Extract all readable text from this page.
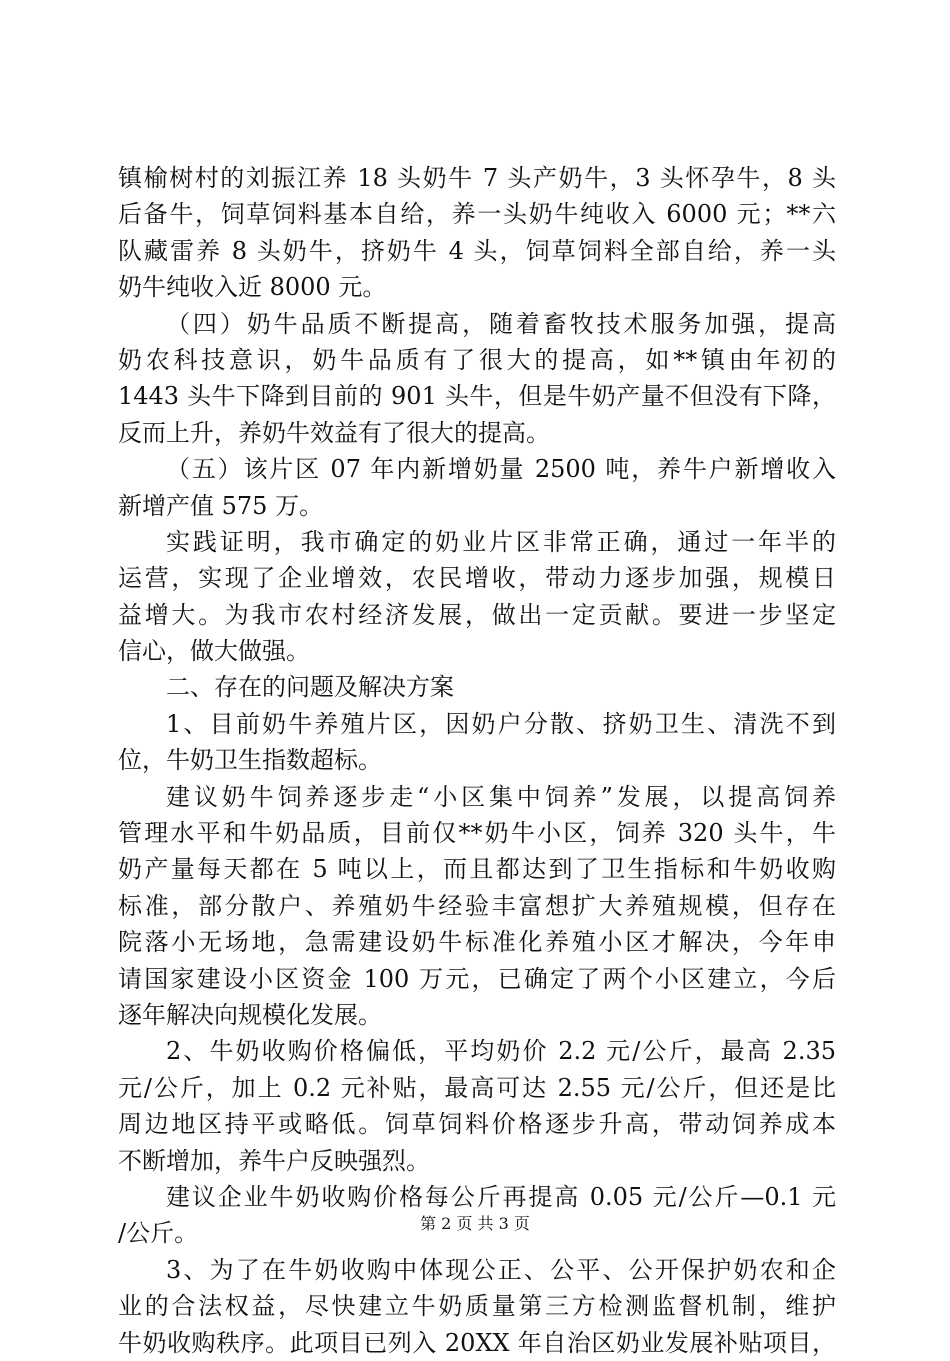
镇榆树村的刘振江养 18 头奶牛 7 头产奶牛，3 头怀孕牛，8 头
后备牛，饲草饲料基本自给，养一头奶牛纯收入 6000 元；**六
队藏雷养 8 头奶牛，挤奶牛 4 头，饲草饲料全部自给，养一头
奶牛纯收入近 8000 元。
（四）奶牛品质不断提高，随着畜牧技术服务加强，提高
奶农科技意识，奶牛品质有了很大的提高，如**镇由年初的
1443 头牛下降到目前的 901 头牛，但是牛奶产量不但没有下降，
反而上升，养奶牛效益有了很大的提高。
（五）该片区 07 年内新增奶量 2500 吨，养牛户新增收入
新增产值 575 万。
实践证明，我市确定的奶业片区非常正确，通过一年半的
运营，实现了企业增效，农民增收，带动力逐步加强，规模日
益增大。为我市农村经济发展，做出一定贡献。要进一步坚定
信心，做大做强。
二、存在的问题及解决方案
1、目前奶牛养殖片区，因奶户分散、挤奶卫生、清洗不到
位，牛奶卫生指数超标。
建议奶牛饲养逐步走“小区集中饲养”发展，以提高饲养
管理水平和牛奶品质，目前仅**奶牛小区，饲养 320 头牛，牛
奶产量每天都在 5 吨以上，而且都达到了卫生指标和牛奶收购
标准，部分散户、养殖奶牛经验丰富想扩大养殖规模，但存在
院落小无场地，急需建设奶牛标准化养殖小区才解决，今年申
请国家建设小区资金 100 万元，已确定了两个小区建立，今后
逐年解决向规模化发展。
2、牛奶收购价格偏低，平均奶价 2.2 元/公斤，最高 2.35
元/公斤，加上 0.2 元补贴，最高可达 2.55 元/公斤，但还是比
周边地区持平或略低。饲草饲料价格逐步升高，带动饲养成本
不断增加，养牛户反映强烈。
建议企业牛奶收购价格每公斤再提高 0.05 元/公斤—0.1 元
/公斤。
3、为了在牛奶收购中体现公正、公平、公开保护奶农和企
业的合法权益，尽快建立牛奶质量第三方检测监督机制，维护
牛奶收购秩序。此项目已列入 20XX 年自治区奶业发展补贴项目，
第 2 页 共 3 页
